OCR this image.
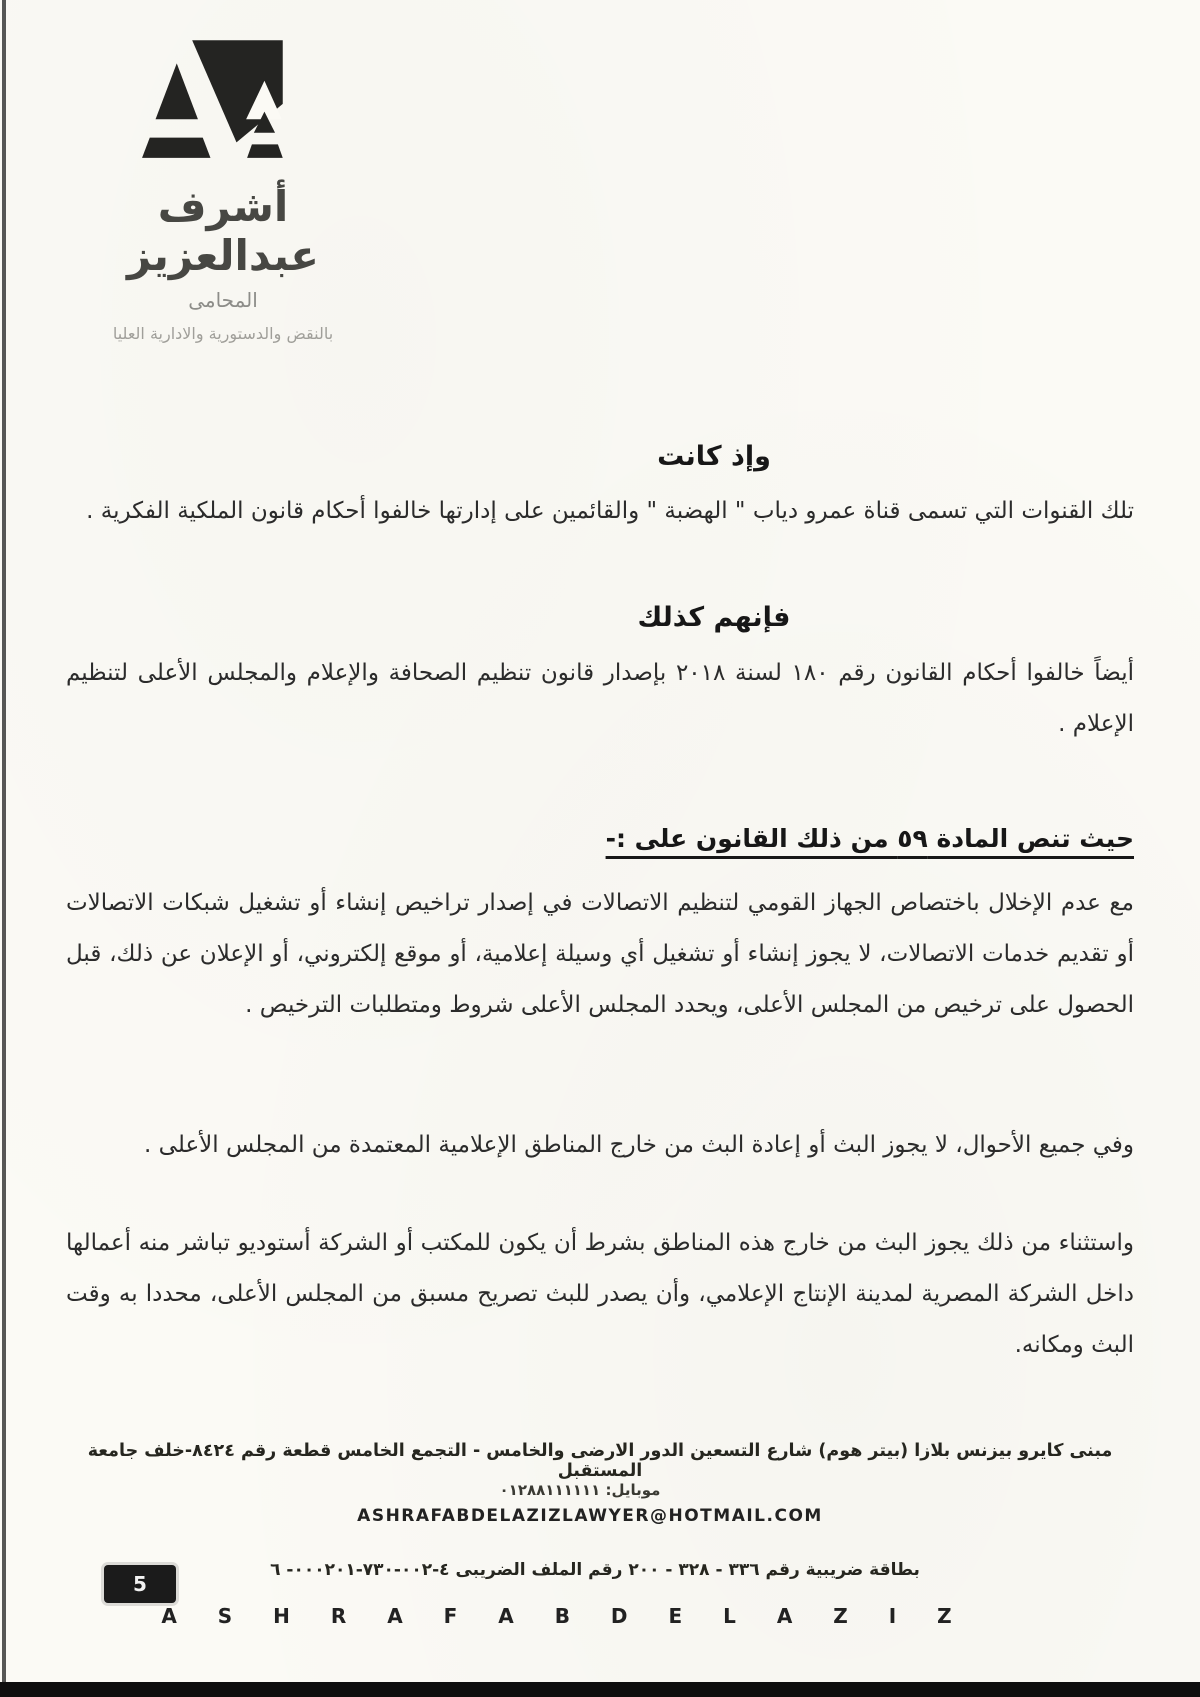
أشرف عبدالعزيز
المحامى
بالنقض والدستورية والادارية العليا
وإذ كانت

تلك القنوات التي تسمى قناة عمرو دياب " الهضبة " والقائمين على إدارتها خالفوا أحكام قانون الملكية الفكرية .

فإنهم كذلك

أيضاً خالفوا أحكام القانون رقم ١٨٠ لسنة ٢٠١٨ بإصدار قانون تنظيم الصحافة والإعلام والمجلس الأعلى لتنظيم الإعلام .

حيث تنص المادة ٥٩ من ذلك القانون على :-

مع عدم الإخلال باختصاص الجهاز القومي لتنظيم الاتصالات في إصدار تراخيص إنشاء أو تشغيل شبكات الاتصالات أو تقديم خدمات الاتصالات، لا يجوز إنشاء أو تشغيل أي وسيلة إعلامية، أو موقع إلكتروني، أو الإعلان عن ذلك، قبل الحصول على ترخيص من المجلس الأعلى، ويحدد المجلس الأعلى شروط ومتطلبات الترخيص .

وفي جميع الأحوال، لا يجوز البث أو إعادة البث من خارج المناطق الإعلامية المعتمدة من المجلس الأعلى .

واستثناء من ذلك يجوز البث من خارج هذه المناطق بشرط أن يكون للمكتب أو الشركة أستوديو تباشر منه أعمالها داخل الشركة المصرية لمدينة الإنتاج الإعلامي، وأن يصدر للبث تصريح مسبق من المجلس الأعلى، محددا به وقت البث ومكانه.

مبنى كايرو بيزنس بلازا (بيتر هوم) شارع التسعين الدور الارضى والخامس - التجمع الخامس قطعة رقم ٨٤٢٤-خلف جامعة المستقبل
موبايل: ٠١٢٨٨١١١١١١
ASHRAFABDELAZIZLAWYER@HOTMAIL.COM
5
بطاقة ضريبية رقم ٣٣٦ - ٣٢٨ - ٢٠٠ رقم الملف الضريبى ٤-٠٠٢-٧٣٠-٠٠٠٢٠١- ٦
A S H R A F A B D E L A Z I Z
